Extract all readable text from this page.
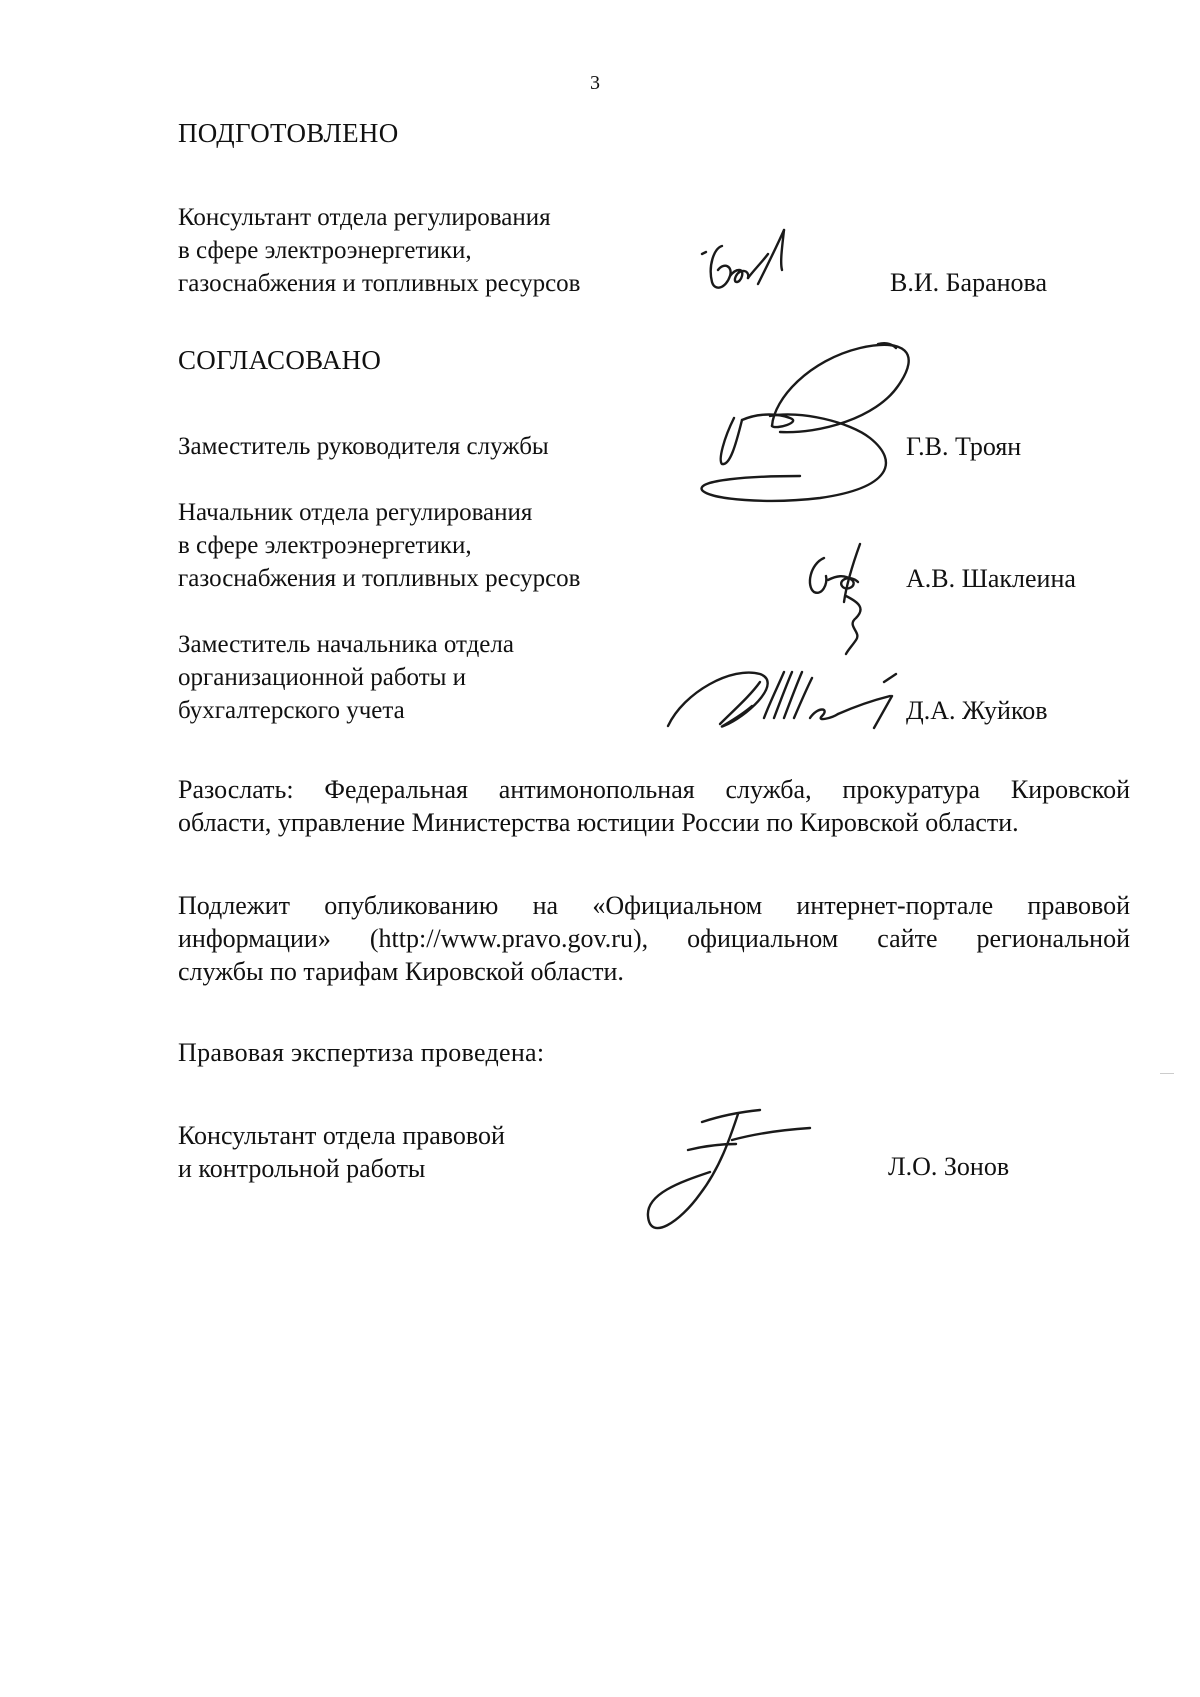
3
ПОДГОТОВЛЕНО
Консультант отдела регулирования
в сфере электроэнергетики,
газоснабжения и топливных ресурсов	В.И. Баранова
СОГЛАСОВАНО
Заместитель руководителя службы	Г.В. Троян
Начальник отдела регулирования
в сфере электроэнергетики,
газоснабжения и топливных ресурсов	А.В. Шаклеина
Заместитель начальника отдела
организационной работы и
бухгалтерского учета	Д.А. Жуйков
Разослать: Федеральная антимонопольная служба, прокуратура Кировской
области, управление Министерства юстиции России по Кировской области.
Подлежит опубликованию на «Официальном интернет-портале правовой
информации» (http://www.pravo.gov.ru), официальном сайте региональной
службы по тарифам Кировской области.
Правовая экспертиза проведена:
Консультант отдела правовой
и контрольной работы	Л.О. Зонов
